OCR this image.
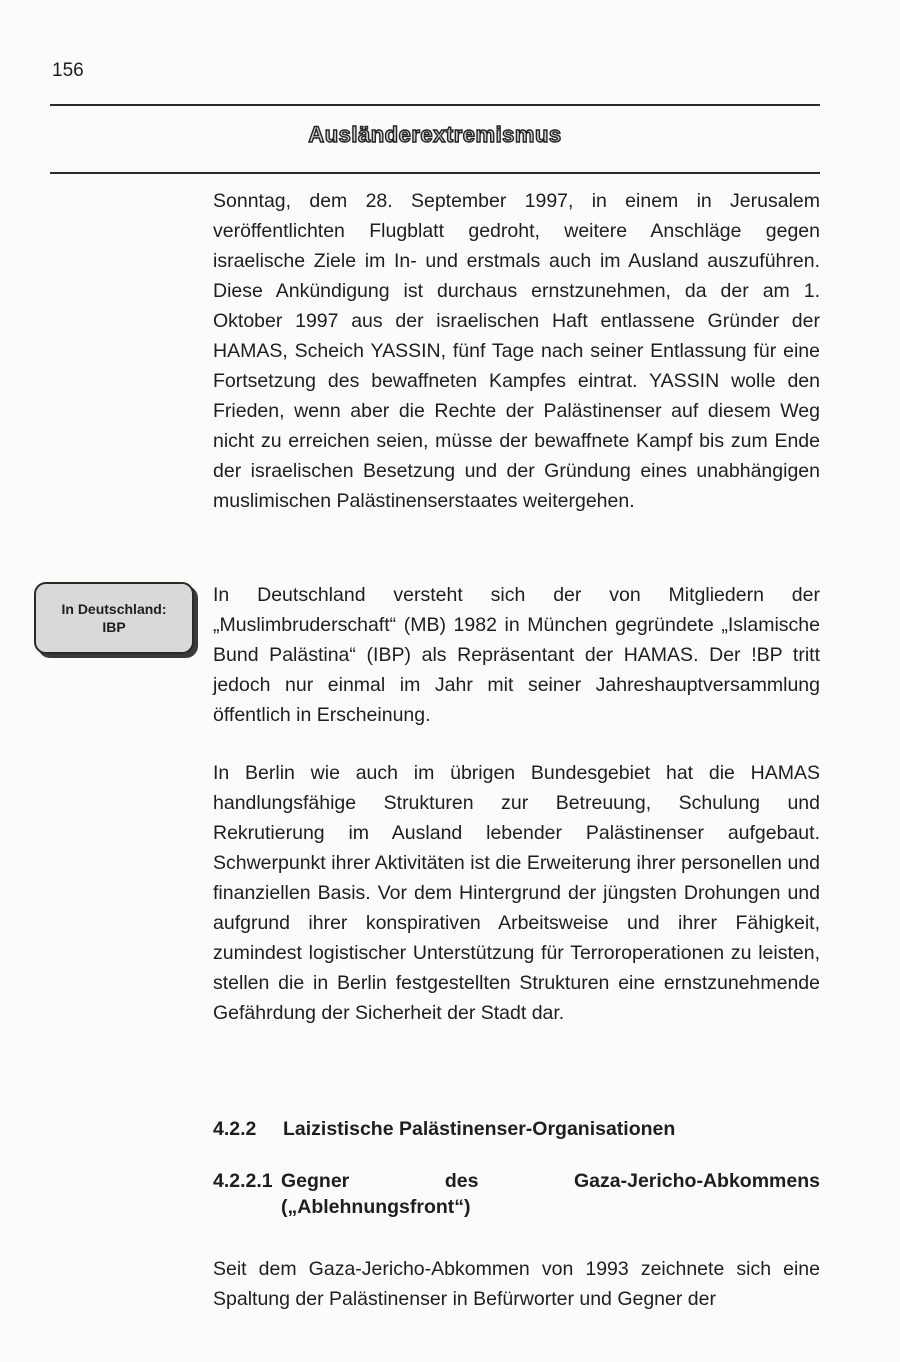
156
Ausländerextremismus

Sonntag, dem 28. September 1997, in einem in Jerusalem veröffentlichten Flugblatt gedroht, weitere Anschläge gegen israelische Ziele im In- und erstmals auch im Ausland auszuführen. Diese Ankündigung ist durchaus ernstzunehmen, da der am 1. Oktober 1997 aus der israelischen Haft entlassene Gründer der HAMAS, Scheich YASSIN, fünf Tage nach seiner Entlassung für eine Fortsetzung des bewaffneten Kampfes eintrat. YASSIN wolle den Frieden, wenn aber die Rechte der Palästinenser auf diesem Weg nicht zu erreichen seien, müsse der bewaffnete Kampf bis zum Ende der israelischen Besetzung und der Gründung eines unabhängigen muslimischen Palästinenserstaates weitergehen.

In Deutschland:
IBP

In Deutschland versteht sich der von Mitgliedern der „Muslimbruderschaft“ (MB) 1982 in München gegründete „Islamische Bund Palästina“ (IBP) als Repräsentant der HAMAS. Der !BP tritt jedoch nur einmal im Jahr mit seiner Jahreshauptversammlung öffentlich in Erscheinung.

In Berlin wie auch im übrigen Bundesgebiet hat die HAMAS handlungsfähige Strukturen zur Betreuung, Schulung und Rekrutierung im Ausland lebender Palästinenser aufgebaut. Schwerpunkt ihrer Aktivitäten ist die Erweiterung ihrer personellen und finanziellen Basis. Vor dem Hintergrund der jüngsten Drohungen und aufgrund ihrer konspirativen Arbeitsweise und ihrer Fähigkeit, zumindest logistischer Unterstützung für Terroroperationen zu leisten, stellen die in Berlin festgestellten Strukturen eine ernstzunehmende Gefährdung der Sicherheit der Stadt dar.

4.2.2 Laizistische Palästinenser-Organisationen
4.2.2.1 Gegner des Gaza-Jericho-Abkommens („Ablehnungsfront“)

Seit dem Gaza-Jericho-Abkommen von 1993 zeichnete sich eine Spaltung der Palästinenser in Befürworter und Gegner der
